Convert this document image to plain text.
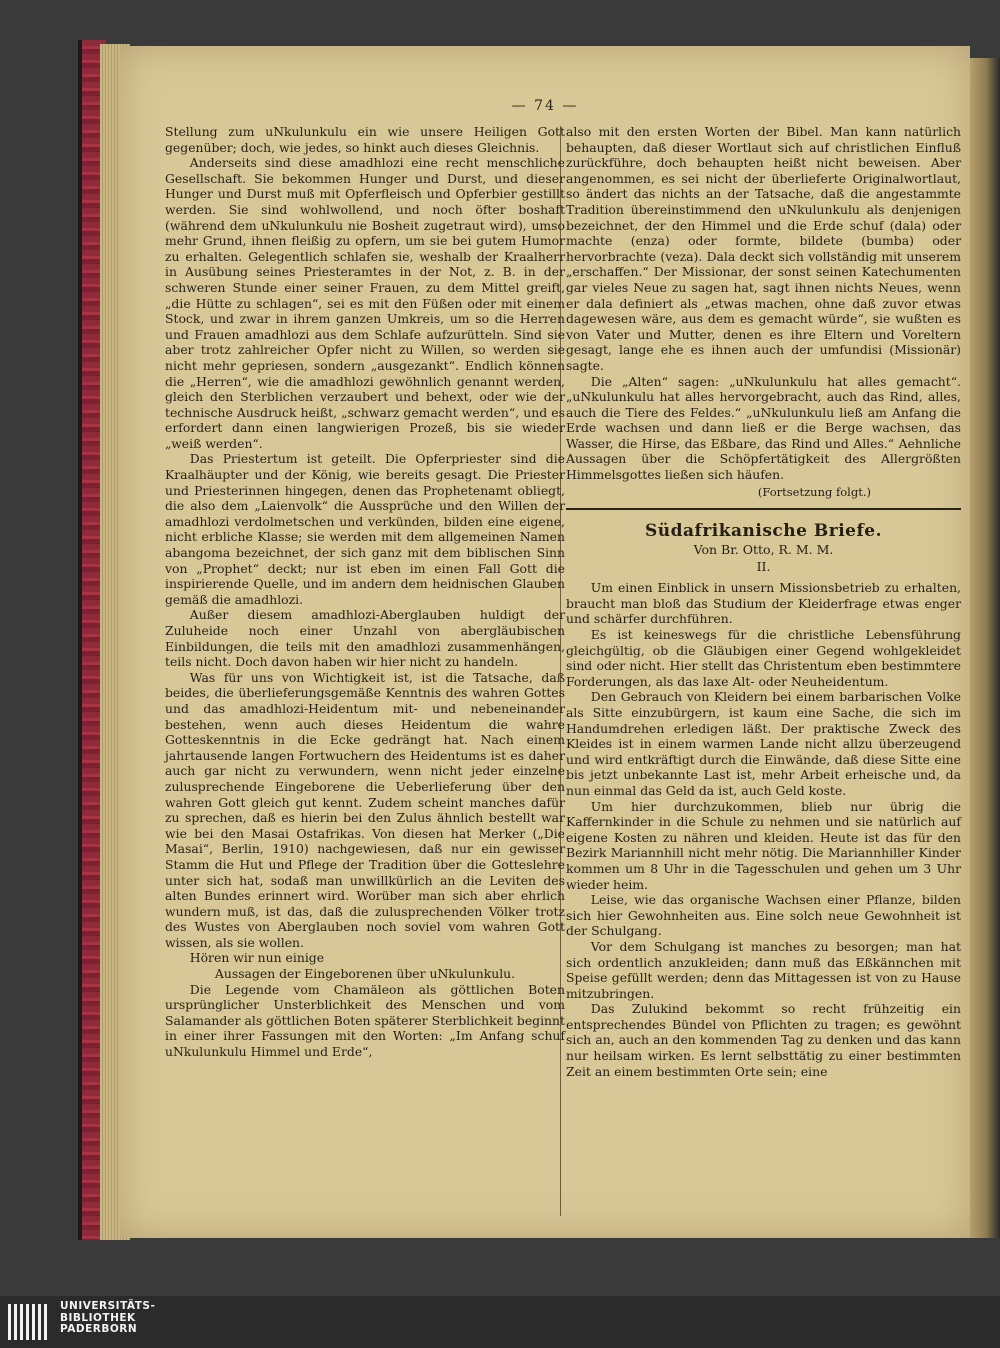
— 74 —

Stellung zum uNkulunkulu ein wie unsere Heiligen Gott gegenüber; doch, wie jedes, so hinkt auch dieses Gleichnis.

Anderseits sind diese amadhlozi eine recht menschliche Gesellschaft. Sie bekommen Hunger und Durst, und dieser Hunger und Durst muß mit Opferfleisch und Opferbier gestillt werden. Sie sind wohlwollend, und noch öfter boshaft (während dem uNkulunkulu nie Bosheit zugetraut wird), umso mehr Grund, ihnen fleißig zu opfern, um sie bei gutem Humor zu erhalten. Gelegentlich schlafen sie, weshalb der Kraalherr in Ausübung seines Priesteramtes in der Not, z. B. in der schweren Stunde einer seiner Frauen, zu dem Mittel greift, „die Hütte zu schlagen“, sei es mit den Füßen oder mit einem Stock, und zwar in ihrem ganzen Umkreis, um so die Herren und Frauen amadhlozi aus dem Schlafe aufzurütteln. Sind sie aber trotz zahlreicher Opfer nicht zu Willen, so werden sie nicht mehr gepriesen, sondern „ausgezankt“. Endlich können die „Herren“, wie die amadhlozi gewöhnlich genannt werden, gleich den Sterblichen verzaubert und behext, oder wie der technische Ausdruck heißt, „schwarz gemacht werden“, und es erfordert dann einen langwierigen Prozeß, bis sie wieder „weiß werden“.

Das Priestertum ist geteilt. Die Opferpriester sind die Kraalhäupter und der König, wie bereits gesagt. Die Priester und Priesterinnen hingegen, denen das Prophetenamt obliegt, die also dem „Laienvolk“ die Aussprüche und den Willen der amadhlozi verdolmetschen und verkünden, bilden eine eigene, nicht erbliche Klasse; sie werden mit dem allgemeinen Namen abangoma bezeichnet, der sich ganz mit dem biblischen Sinn von „Prophet“ deckt; nur ist eben im einen Fall Gott die inspirierende Quelle, und im andern dem heidnischen Glauben gemäß die amadhlozi.

Außer diesem amadhlozi-Aberglauben huldigt der Zuluheide noch einer Unzahl von abergläubischen Einbildungen, die teils mit den amadhlozi zusammenhängen, teils nicht. Doch davon haben wir hier nicht zu handeln.

Was für uns von Wichtigkeit ist, ist die Tatsache, daß beides, die überlieferungsgemäße Kenntnis des wahren Gottes und das amadhlozi-Heidentum mit- und nebeneinander bestehen, wenn auch dieses Heidentum die wahre Gotteskenntnis in die Ecke gedrängt hat. Nach einem jahrtausende langen Fortwuchern des Heidentums ist es daher auch gar nicht zu verwundern, wenn nicht jeder einzelne zulusprechende Eingeborene die Ueberlieferung über den wahren Gott gleich gut kennt. Zudem scheint manches dafür zu sprechen, daß es hierin bei den Zulus ähnlich bestellt war wie bei den Masai Ostafrikas. Von diesen hat Merker („Die Masai“, Berlin, 1910) nachgewiesen, daß nur ein gewisser Stamm die Hut und Pflege der Tradition über die Gotteslehre unter sich hat, sodaß man unwillkürlich an die Leviten des alten Bundes erinnert wird. Worüber man sich aber ehrlich wundern muß, ist das, daß die zulusprechenden Völker trotz des Wustes von Aberglauben noch soviel vom wahren Gott wissen, als sie wollen.

Hören wir nun einige

Aussagen der Eingeborenen über uNkulunkulu.

Die Legende vom Chamäleon als göttlichen Boten ursprünglicher Unsterblichkeit des Menschen und vom Salamander als göttlichen Boten späterer Sterblichkeit beginnt in einer ihrer Fassungen mit den Worten: „Im Anfang schuf uNkulunkulu Himmel und Erde“,

also mit den ersten Worten der Bibel. Man kann natürlich behaupten, daß dieser Wortlaut sich auf christlichen Einfluß zurückführe, doch behaupten heißt nicht beweisen. Aber angenommen, es sei nicht der überlieferte Originalwortlaut, so ändert das nichts an der Tatsache, daß die angestammte Tradition übereinstimmend den uNkulunkulu als denjenigen bezeichnet, der den Himmel und die Erde schuf (dala) oder machte (enza) oder formte, bildete (bumba) oder hervorbrachte (veza). Dala deckt sich vollständig mit unserem „erschaffen.“ Der Missionar, der sonst seinen Katechumenten gar vieles Neue zu sagen hat, sagt ihnen nichts Neues, wenn er dala definiert als „etwas machen, ohne daß zuvor etwas dagewesen wäre, aus dem es gemacht würde“, sie wußten es von Vater und Mutter, denen es ihre Eltern und Voreltern gesagt, lange ehe es ihnen auch der umfundisi (Missionär) sagte.

Die „Alten“ sagen: „uNkulunkulu hat alles gemacht“. „uNkulunkulu hat alles hervorgebracht, auch das Rind, alles, auch die Tiere des Feldes.“ „uNkulunkulu ließ am Anfang die Erde wachsen und dann ließ er die Berge wachsen, das Wasser, die Hirse, das Eßbare, das Rind und Alles.“ Aehnliche Aussagen über die Schöpfertätigkeit des Allergrößten Himmelsgottes ließen sich häufen.

(Fortsetzung folgt.)
Südafrikanische Briefe.
Von Br. Otto, R. M. M.
II.

Um einen Einblick in unsern Missionsbetrieb zu erhalten, braucht man bloß das Studium der Kleiderfrage etwas enger und schärfer durchführen.

Es ist keineswegs für die christliche Lebensführung gleichgültig, ob die Gläubigen einer Gegend wohlgekleidet sind oder nicht. Hier stellt das Christentum eben bestimmtere Forderungen, als das laxe Alt- oder Neuheidentum.

Den Gebrauch von Kleidern bei einem barbarischen Volke als Sitte einzubürgern, ist kaum eine Sache, die sich im Handumdrehen erledigen läßt. Der praktische Zweck des Kleides ist in einem warmen Lande nicht allzu überzeugend und wird entkräftigt durch die Einwände, daß diese Sitte eine bis jetzt unbekannte Last ist, mehr Arbeit erheische und, da nun einmal das Geld da ist, auch Geld koste.

Um hier durchzukommen, blieb nur übrig die Kaffernkinder in die Schule zu nehmen und sie natürlich auf eigene Kosten zu nähren und kleiden. Heute ist das für den Bezirk Mariannhill nicht mehr nötig. Die Mariannhiller Kinder kommen um 8 Uhr in die Tagesschulen und gehen um 3 Uhr wieder heim.

Leise, wie das organische Wachsen einer Pflanze, bilden sich hier Gewohnheiten aus. Eine solch neue Gewohnheit ist der Schulgang.

Vor dem Schulgang ist manches zu besorgen; man hat sich ordentlich anzukleiden; dann muß das Eßkännchen mit Speise gefüllt werden; denn das Mittagessen ist von zu Hause mitzubringen.

Das Zulukind bekommt so recht frühzeitig ein entsprechendes Bündel von Pflichten zu tragen; es gewöhnt sich an, auch an den kommenden Tag zu denken und das kann nur heilsam wirken. Es lernt selbsttätig zu einer bestimmten Zeit an einem bestimmten Orte sein; eine

UNIVERSITÄTS-
BIBLIOTHEK
PADERBORN
